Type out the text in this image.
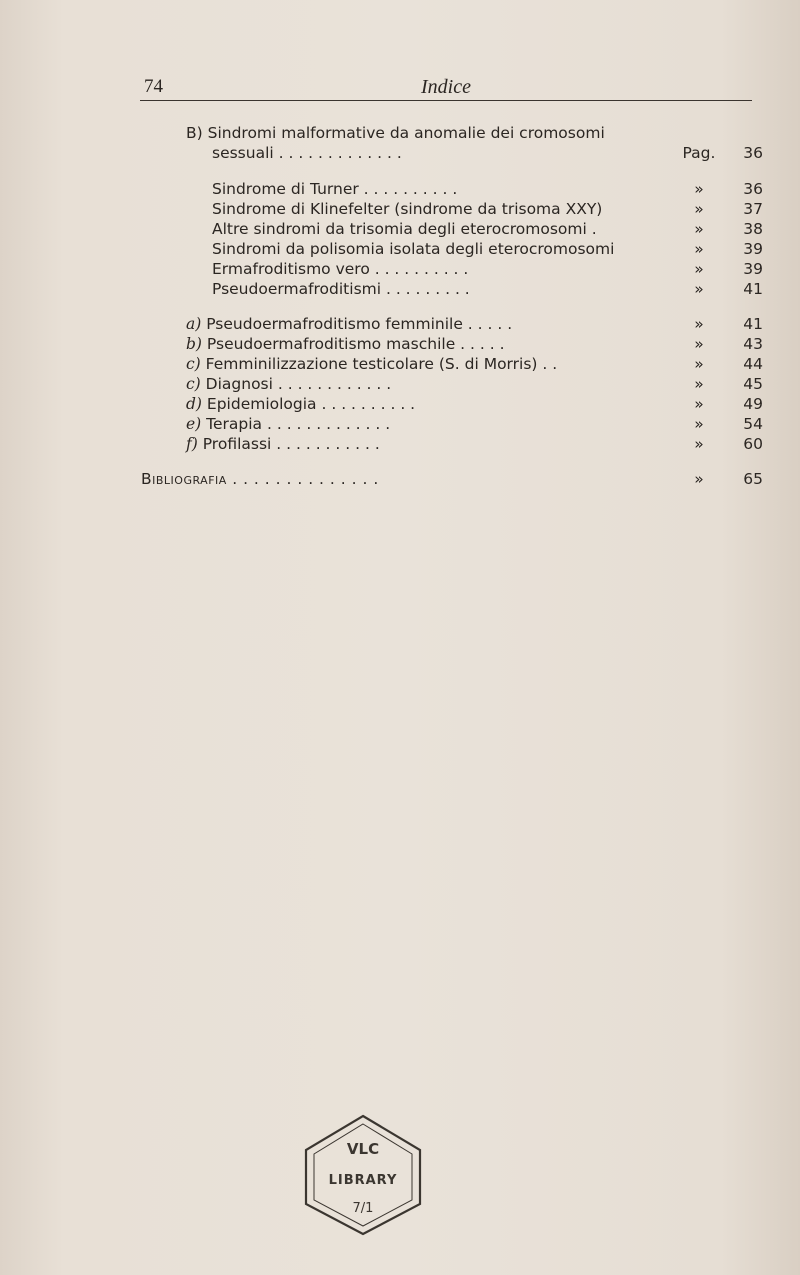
74	Indice
B) Sindromi malformative da anomalie dei cromosomi
sessuali . . . . . . . . . . . . .	Pag.	36
Sindrome di Turner . . . . . . . . . .	»	36
Sindrome di Klinefelter (sindrome da trisoma XXY)	»	37
Altre sindromi da trisomia degli eterocromosomi .	»	38
Sindromi da polisomia isolata degli eterocromosomi	»	39
Ermafroditismo vero . . . . . . . . . .	»	39
Pseudoermafroditismi . . . . . . . . .	»	41
a) Pseudoermafroditismo femminile . . . . .	»	41
b) Pseudoermafroditismo maschile . . . . .	»	43
c) Femminilizzazione testicolare (S. di Morris) . .	»	44
c) Diagnosi . . . . . . . . . . . .	»	45
d) Epidemiologia . . . . . . . . . .	»	49
e) Terapia . . . . . . . . . . . . .	»	54
f) Profilassi . . . . . . . . . . .	»	60
Bibliografia . . . . . . . . . . . . . .	»	65
VLC
LIBRARY
7/1
